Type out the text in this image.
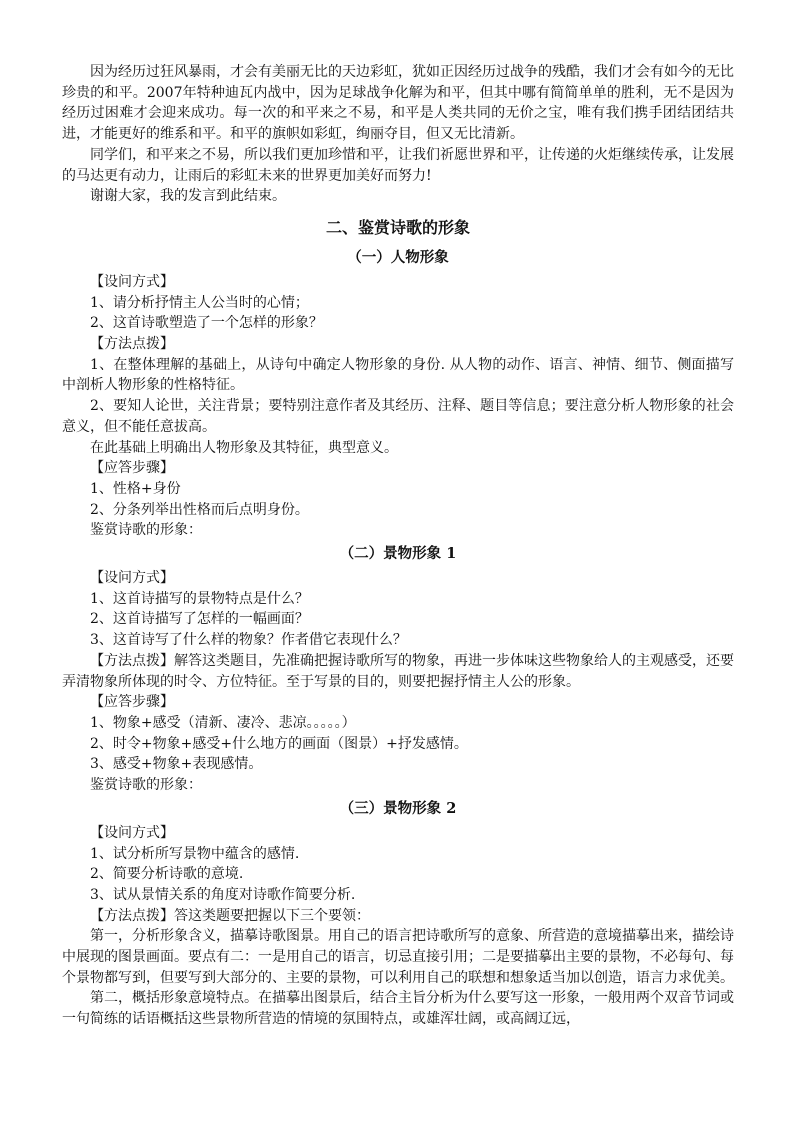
因为经历过狂风暴雨，才会有美丽无比的天边彩虹，犹如正因经历过战争的残酷，我们才会有如今的无比珍贵的和平。2007年特种迪瓦内战中，因为足球战争化解为和平，但其中哪有简简单单的胜利，无不是因为经历过困难才会迎来成功。每一次的和平来之不易，和平是人类共同的无价之宝，唯有我们携手团结团结共进，才能更好的维系和平。和平的旗帜如彩虹，绚丽夺目，但又无比清新。

同学们，和平来之不易，所以我们更加珍惜和平，让我们祈愿世界和平，让传递的火炬继续传承，让发展的马达更有动力，让雨后的彩虹未来的世界更加美好而努力!

谢谢大家，我的发言到此结束。

二、鉴赏诗歌的形象
（一）人物形象

【设问方式】

1、请分析抒情主人公当时的心情；

2、这首诗歌塑造了一个怎样的形象？

【方法点拨】

1、在整体理解的基础上，从诗句中确定人物形象的身份. 从人物的动作、语言、神情、细节、侧面描写中剖析人物形象的性格特征。

2、要知人论世，关注背景；要特别注意作者及其经历、注释、题目等信息；要注意分析人物形象的社会意义，但不能任意拔高。

在此基础上明确出人物形象及其特征，典型意义。

【应答步骤】

1、性格+身份

2、分条列举出性格而后点明身份。

鉴赏诗歌的形象：

（二）景物形象 1

【设问方式】

1、这首诗描写的景物特点是什么？

2、这首诗描写了怎样的一幅画面？

3、这首诗写了什么样的物象？作者借它表现什么？

【方法点拨】解答这类题目，先准确把握诗歌所写的物象，再进一步体味这些物象给人的主观感受，还要弄清物象所体现的时令、方位特征。至于写景的目的，则要把握抒情主人公的形象。

【应答步骤】

1、物象+感受（清新、凄冷、悲凉。。。。。）

2、时令+物象+感受+什么地方的画面（图景）+抒发感情。

3、感受+物象+表现感情。

鉴赏诗歌的形象：

（三）景物形象 2

【设问方式】

1、试分析所写景物中蕴含的感情.

2、简要分析诗歌的意境.

3、试从景情关系的角度对诗歌作简要分析.

【方法点拨】答这类题要把握以下三个要领：

第一，分析形象含义，描摹诗歌图景。用自己的语言把诗歌所写的意象、所营造的意境描摹出来，描绘诗中展现的图景画面。要点有二：一是用自己的语言，切忌直接引用；二是要描摹出主要的景物，不必每句、每个景物都写到，但要写到大部分的、主要的景物，可以利用自己的联想和想象适当加以创造，语言力求优美。

第二，概括形象意境特点。在描摹出图景后，结合主旨分析为什么要写这一形象，一般用两个双音节词或一句简练的话语概括这些景物所营造的情境的氛围特点，或雄浑壮阔，或高阔辽远，
